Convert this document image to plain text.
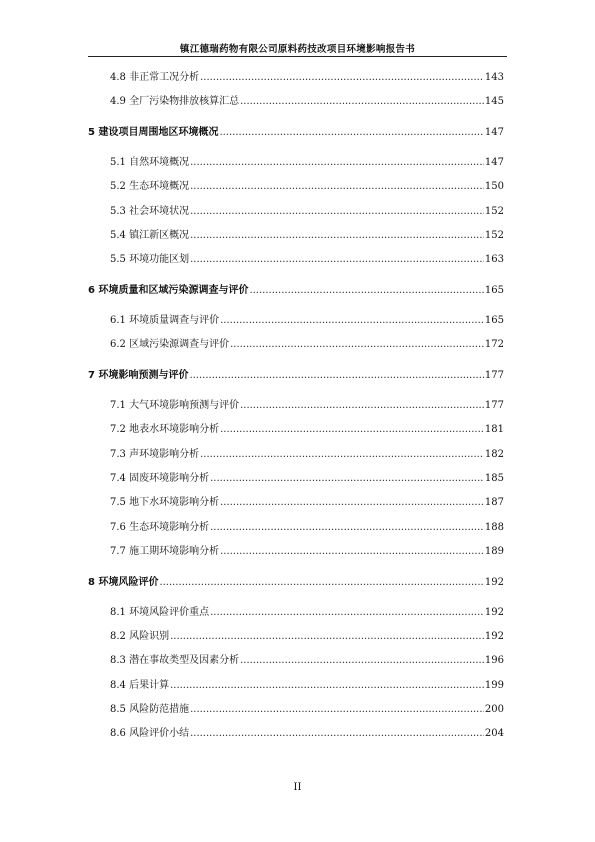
镇江德瑞药物有限公司原料药技改项目环境影响报告书
4.8 非正常工况分析 .....	143
4.9 全厂污染物排放核算汇总 .....	145
5 建设项目周围地区环境概况 .....	147
5.1 自然环境概况 .....	147
5.2 生态环境概况 .....	150
5.3 社会环境状况 .....	152
5.4 镇江新区概况 .....	152
5.5 环境功能区划 .....	163
6 环境质量和区域污染源调查与评价 .....	165
6.1 环境质量调查与评价 .....	165
6.2 区域污染源调查与评价 .....	172
7 环境影响预测与评价 .....	177
7.1 大气环境影响预测与评价 .....	177
7.2 地表水环境影响分析 .....	181
7.3 声环境影响分析 .....	182
7.4 固废环境影响分析 .....	185
7.5 地下水环境影响分析 .....	187
7.6 生态环境影响分析 .....	188
7.7 施工期环境影响分析 .....	189
8 环境风险评价 .....	192
8.1 环境风险评价重点 .....	192
8.2 风险识别 .....	192
8.3 潜在事故类型及因素分析 .....	196
8.4 后果计算 .....	199
8.5 风险防范措施 .....	200
8.6 风险评价小结 .....	204
II
